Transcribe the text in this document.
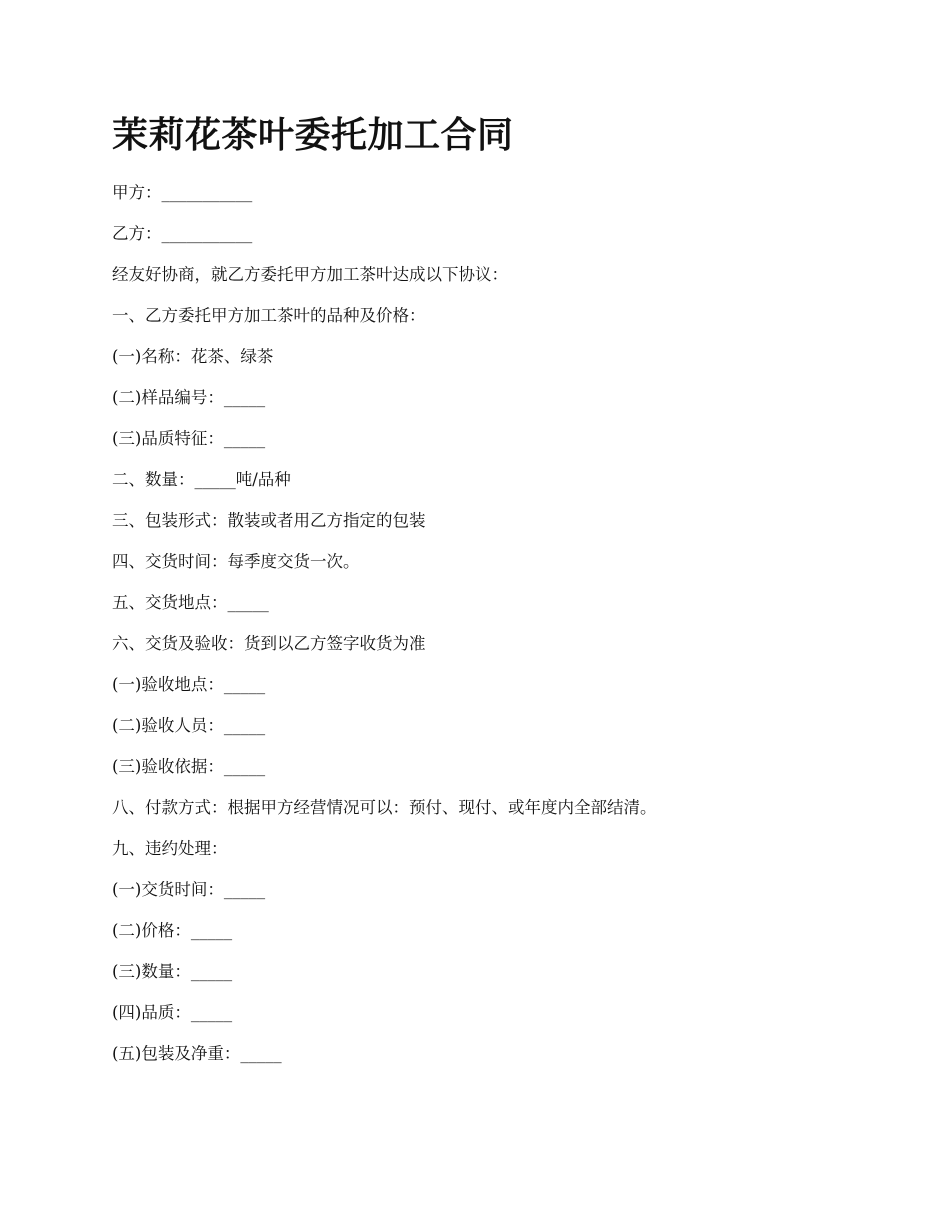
茉莉花茶叶委托加工合同
甲方：___________
乙方：___________
经友好协商，就乙方委托甲方加工茶叶达成以下协议：
一、乙方委托甲方加工茶叶的品种及价格：
(一)名称：花茶、绿茶
(二)样品编号：_____
(三)品质特征：_____
二、数量：_____吨/品种
三、包装形式：散装或者用乙方指定的包装
四、交货时间：每季度交货一次。
五、交货地点：_____
六、交货及验收：货到以乙方签字收货为准
(一)验收地点：_____
(二)验收人员：_____
(三)验收依据：_____
八、付款方式：根据甲方经营情况可以：预付、现付、或年度内全部结清。
九、违约处理：
(一)交货时间：_____
(二)价格：_____
(三)数量：_____
(四)品质：_____
(五)包装及净重：_____
